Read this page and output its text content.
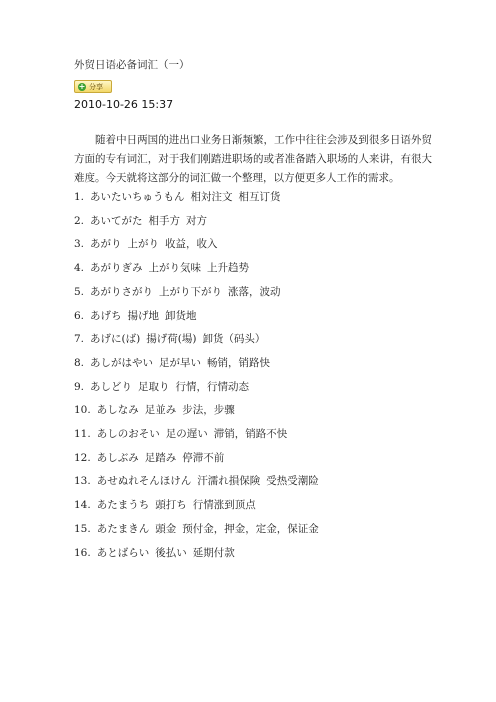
外贸日语必备词汇（一）
+ 分享
2010-10-26 15:37

随着中日两国的进出口业务日渐频繁，工作中往往会涉及到很多日语外贸方面的专有词汇，对于我们刚踏进职场的或者准备踏入职场的人来讲，有很大难度。今天就将这部分的词汇做一个整理，以方便更多人工作的需求。

1. あいたいちゅうもん 相対注文 相互订货
2. あいてがた 相手方 对方
3. あがり 上がり 收益，收入
4. あがりぎみ 上がり気味 上升趋势
5. あがりさがり 上がり下がり 涨落，波动
6. あげち 揚げ地 卸货地
7. あげに(ば) 揚げ荷(場) 卸货（码头）
8. あしがはやい 足が早い 畅销，销路快
9. あしどり 足取り 行情，行情动态
10. あしなみ 足並み 步法，步骤
11. あしのおそい 足の遅い 滞销，销路不快
12. あしぶみ 足踏み 停滞不前
13. あせぬれそんほけん 汗濡れ損保険 受热受潮险
14. あたまうち 頭打ち 行情涨到顶点
15. あたまきん 頭金 预付金，押金，定金，保证金
16. あとばらい 後払い 延期付款
